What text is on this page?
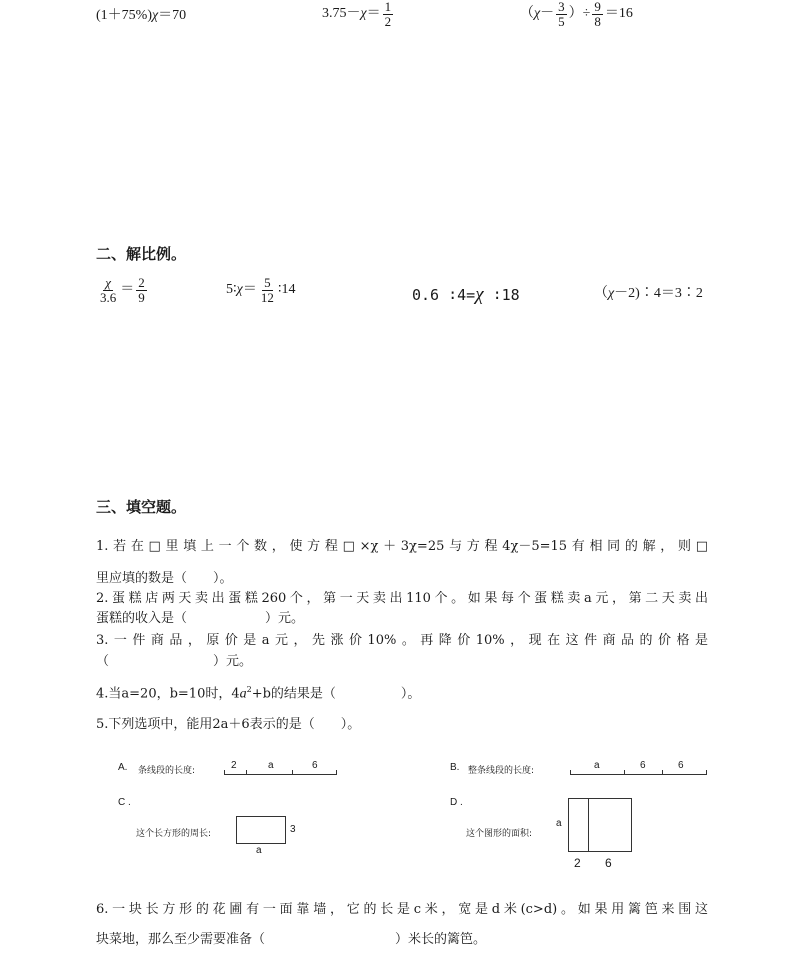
(1＋75%)χ＝70	$3.75-\chi= \frac{1}{2}$	（$\chi- \frac{3}{5}$ ）÷ $\frac{9}{8} =16$
二、解比例。
$\frac{\chi}{3.6} = \frac{2}{9}$	5∶χ＝ $\frac{5}{12}$ ∶14	0.6 ∶4=χ ∶18	（χ－2)∶4＝3∶2
三、填空题。
1.若在□里填上一个数，使方程□×χ＋3χ=25与方程4χ－5=15有相同的解，则□
里应填的数是（　　）。
2.蛋糕店两天卖出蛋糕260个，第一天卖出110个。如果每个蛋糕卖a元，第二天卖出
蛋糕的收入是（　　　　　　）元。
3.一件商品，原价是a元，先涨价10%。再降价10%，现在这件商品的价格是
（　　　　　　　　）元。
4.当a=20，b=10时，$4a^2+b$的结果是（　　　　　）。
5.下列选项中，能用2a＋6表示的是（　　）。
A. 条线段的长度:	2	a	6	B. 整条线段的长度:	a	6	6
C .
这个长方形的周长:	3
a
D .
这个图形的面积:
a
2 6
6.一块长方形的花圃有一面靠墙，它的长是c米，宽是d米(c>d)。如果用篱笆来围这
块菜地，那么至少需要准备（　　　　　　　　　　）米长的篱笆。
